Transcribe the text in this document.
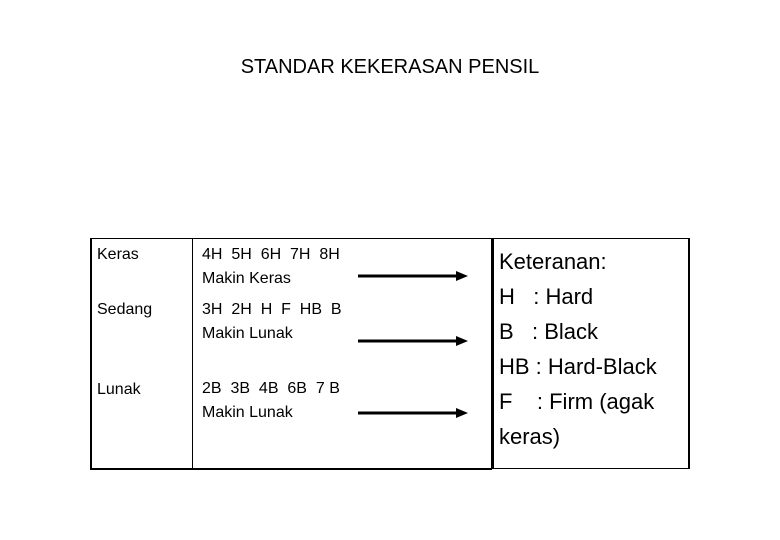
STANDAR KEKERASAN PENSIL
Keras	4H  5H  6H  7H  8H
Makin Keras
Sedang	3H  2H  H  F  HB  B
Makin Lunak
Lunak	2B  3B  4B  6B  7 B
Makin Lunak
Keteranan:
H   : Hard
B   : Black
HB : Hard-Black
F    : Firm (agak
keras)
